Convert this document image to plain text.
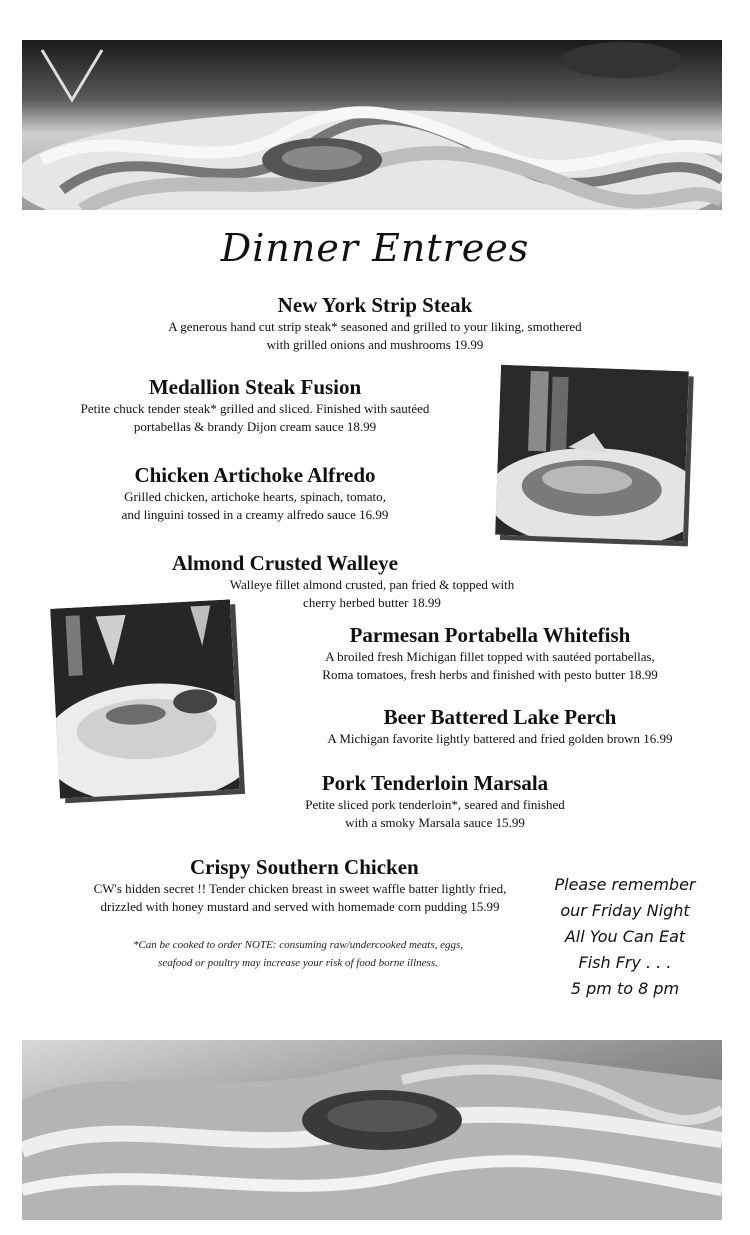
Dinner Entrees
New York Strip Steak
A generous hand cut strip steak* seasoned and grilled to your liking, smothered
with grilled onions and mushrooms 19.99
Medallion Steak Fusion
Petite chuck tender steak* grilled and sliced. Finished with sautéed
portabellas & brandy Dijon cream sauce 18.99
Chicken Artichoke Alfredo
Grilled chicken, artichoke hearts, spinach, tomato,
and linguini tossed in a creamy alfredo sauce 16.99
Almond Crusted Walleye
Walleye fillet almond crusted, pan fried & topped with
cherry herbed butter 18.99
Parmesan Portabella Whitefish
A broiled fresh Michigan fillet topped with sautéed portabellas,
Roma tomatoes, fresh herbs and finished with pesto butter 18.99
Beer Battered Lake Perch
A Michigan favorite lightly battered and fried golden brown 16.99
Pork Tenderloin Marsala
Petite sliced pork tenderloin*, seared and finished
with a smoky Marsala sauce 15.99
Crispy Southern Chicken
CW's hidden secret !! Tender chicken breast in sweet waffle batter lightly fried,
drizzled with honey mustard and served with homemade corn pudding 15.99
*Can be cooked to order NOTE: consuming raw/undercooked meats, eggs,
seafood or poultry may increase your risk of food borne illness.
Please remember
our Friday Night
All You Can Eat
Fish Fry . . .
5 pm to 8 pm
